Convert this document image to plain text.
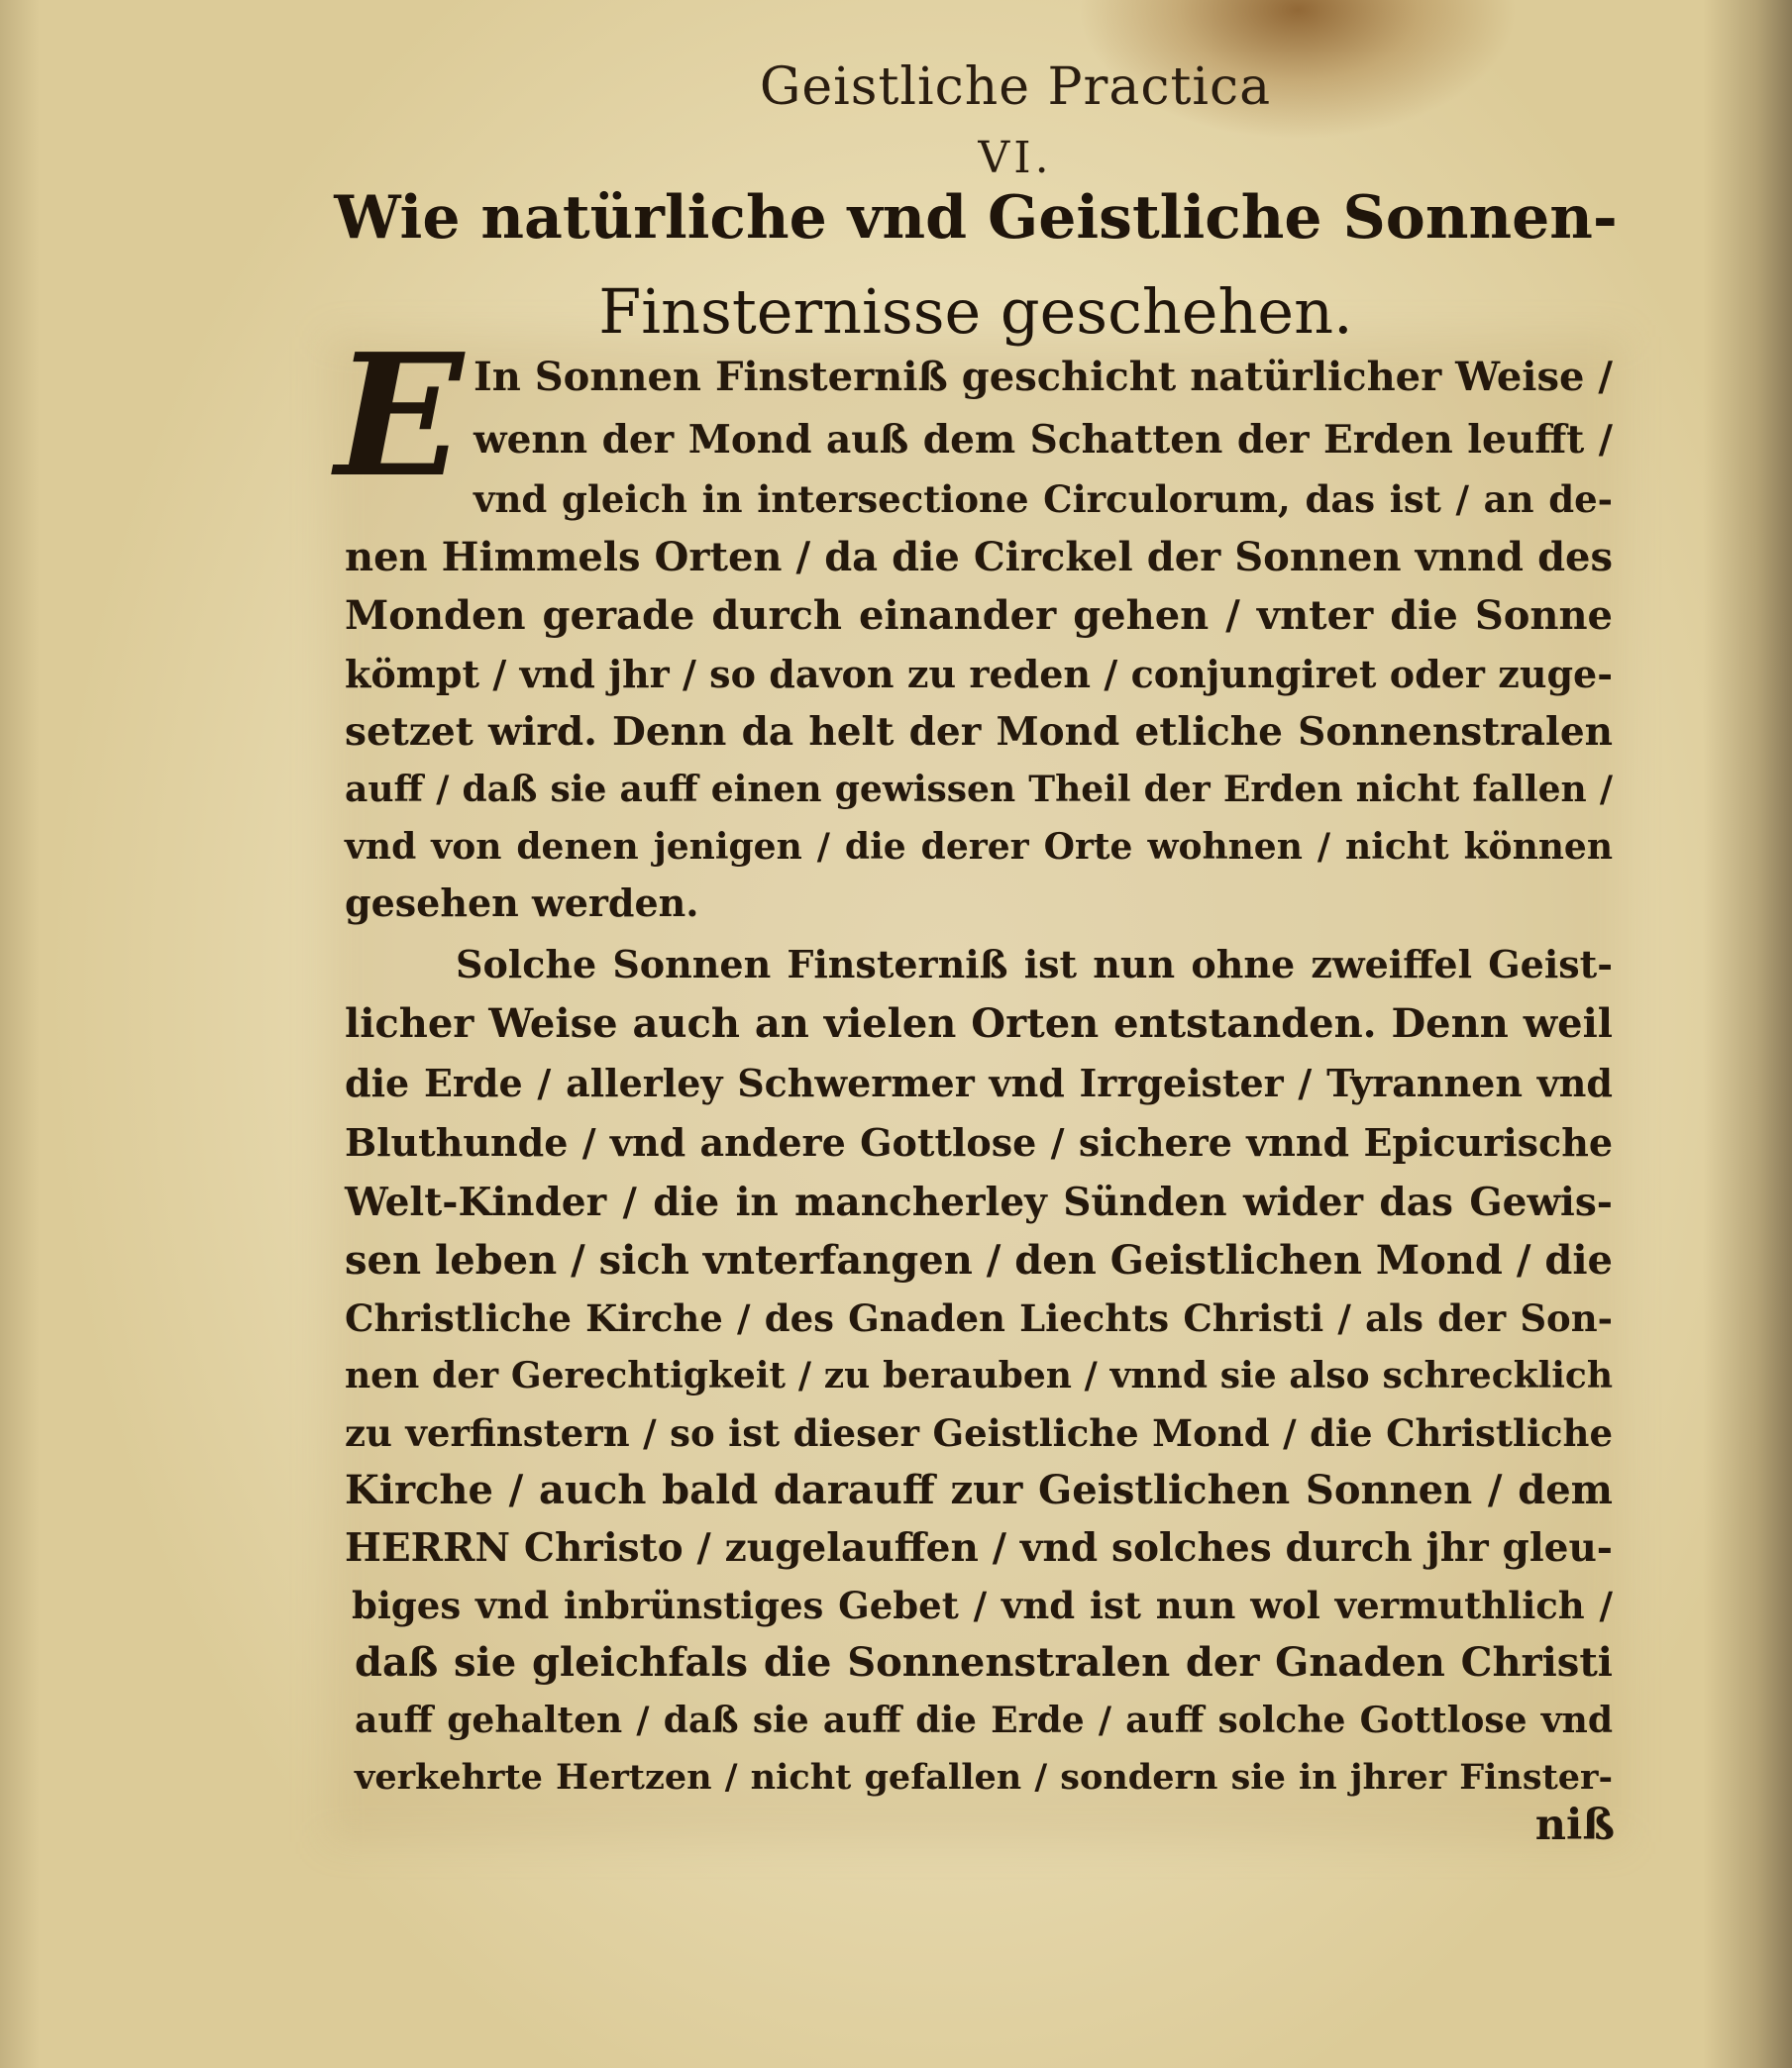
Geistliche Practica
VI.
Wie natürliche vnd Geistliche Sonnen-
Finsternisse geschehen.
E In Sonnen Finsterniß geschicht natürlicher Weise /
wenn der Mond auß dem Schatten der Erden leufft /
vnd gleich in intersectione Circulorum, das ist / an de-
nen Himmels Orten / da die Circkel der Sonnen vnnd des
Monden gerade durch einander gehen / vnter die Sonne
kömpt / vnd jhr / so davon zu reden / conjungiret oder zuge-
setzet wird. Denn da helt der Mond etliche Sonnenstralen
auff / daß sie auff einen gewissen Theil der Erden nicht fallen /
vnd von denen jenigen / die derer Orte wohnen / nicht können
gesehen werden.
Solche Sonnen Finsterniß ist nun ohne zweiffel Geist-
licher Weise auch an vielen Orten entstanden. Denn weil
die Erde / allerley Schwermer vnd Irrgeister / Tyrannen vnd
Bluthunde / vnd andere Gottlose / sichere vnnd Epicurische
Welt-Kinder / die in mancherley Sünden wider das Gewis-
sen leben / sich vnterfangen / den Geistlichen Mond / die
Christliche Kirche / des Gnaden Liechts Christi / als der Son-
nen der Gerechtigkeit / zu berauben / vnnd sie also schrecklich
zu verfinstern / so ist dieser Geistliche Mond / die Christliche
Kirche / auch bald darauff zur Geistlichen Sonnen / dem
HERRN Christo / zugelauffen / vnd solches durch jhr gleu-
biges vnd inbrünstiges Gebet / vnd ist nun wol vermuthlich /
daß sie gleichfals die Sonnenstralen der Gnaden Christi
auff gehalten / daß sie auff die Erde / auff solche Gottlose vnd
verkehrte Hertzen / nicht gefallen / sondern sie in jhrer Finster-
niß
